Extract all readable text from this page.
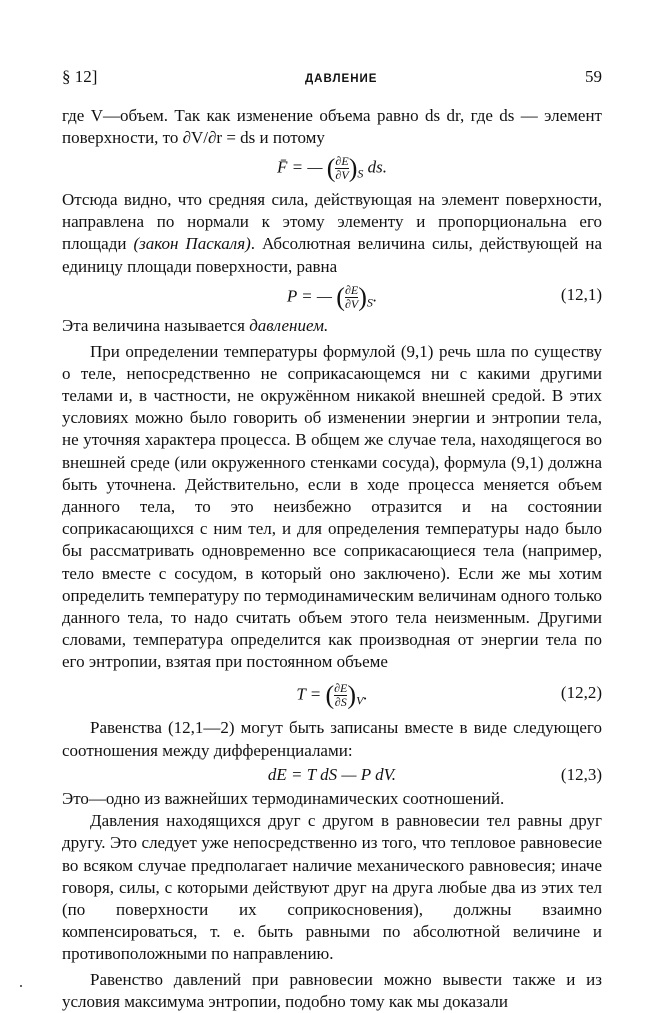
§ 12]	ДАВЛЕНИЕ	59

где V—объем. Так как изменение объема равно ds dr, где ds — элемент поверхности, то ∂V/∂r = ds и потому

F̄ = — ( $\frac{\partial E}{\partial V} )_S$ ds.

Отсюда видно, что средняя сила, действующая на элемент поверхности, направлена по нормали к этому элементу и пропорциональна его площади (закон Паскаля). Абсолютная величина силы, действующей на единицу площади поверхности, равна

P = — ( $\frac{\partial E}{\partial V} )_S$.	(12,1)

Эта величина называется давлением.

При определении температуры формулой (9,1) речь шла по существу о теле, непосредственно не соприкасающемся ни с какими другими телами и, в частности, не окружённом никакой внешней средой. В этих условиях можно было говорить об изменении энергии и энтропии тела, не уточняя характера процесса. В общем же случае тела, находящегося во внешней среде (или окруженного стенками сосуда), формула (9,1) должна быть уточнена. Действительно, если в ходе процесса меняется объем данного тела, то это неизбежно отразится и на состоянии соприкасающихся с ним тел, и для определения температуры надо было бы рассматривать одновременно все соприкасающиеся тела (например, тело вместе с сосудом, в который оно заключено). Если же мы хотим определить температуру по термодинамическим величинам одного только данного тела, то надо считать объем этого тела неизменным. Другими словами, температура определится как производная от энергии тела по его энтропии, взятая при постоянном объеме

T = ( $\frac{\partial E}{\partial S} )_V$.	(12,2)

Равенства (12,1—2) могут быть записаны вместе в виде следующего соотношения между дифференциалами:

dE = T dS — P dV.	(12,3)

Это—одно из важнейших термодинамических соотношений.

Давления находящихся друг с другом в равновесии тел равны друг другу. Это следует уже непосредственно из того, что тепловое равновесие во всяком случае предполагает наличие механического равновесия; иначе говоря, силы, с которыми действуют друг на друга любые два из этих тел (по поверхности их соприкосновения), должны взаимно компенсироваться, т. е. быть равными по абсолютной величине и противоположными по направлению.

Равенство давлений при равновесии можно вывести также и из условия максимума энтропии, подобно тому как мы доказали
